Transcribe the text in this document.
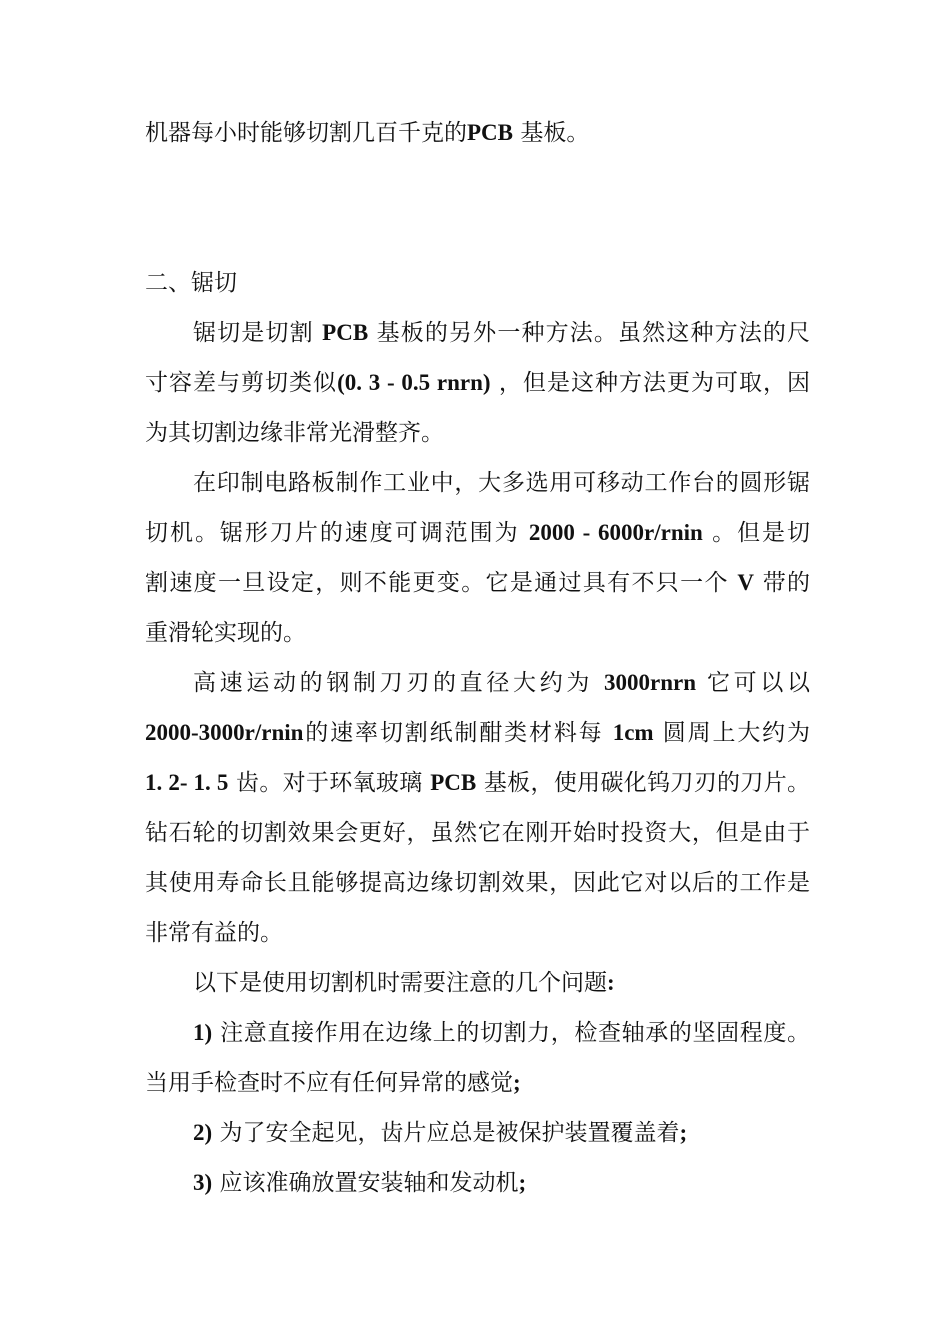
机器每小时能够切割几百千克的PCB 基板。
二、锯切
锯切是切割 PCB 基板的另外一种方法。虽然这种方法的尺
寸容差与剪切类似(0. 3 - 0.5 rnrn) ，但是这种方法更为可取，因
为其切割边缘非常光滑整齐。
在印制电路板制作工业中，大多选用可移动工作台的圆形锯
切机。锯形刀片的速度可调范围为 2000 - 6000r/rnin 。但是切
割速度一旦设定，则不能更变。它是通过具有不只一个 V 带的
重滑轮实现的。
高速运动的钢制刀刃的直径大约为 3000rnrn 它可以以
2000-3000r/rnin的速率切割纸制酣类材料每 1cm 圆周上大约为
1. 2- 1. 5 齿。对于环氧玻璃 PCB 基板，使用碳化钨刀刃的刀片。
钻石轮的切割效果会更好，虽然它在刚开始时投资大，但是由于
其使用寿命长且能够提高边缘切割效果，因此它对以后的工作是
非常有益的。
以下是使用切割机时需要注意的几个问题:
1) 注意直接作用在边缘上的切割力，检查轴承的坚固程度。
当用手检查时不应有任何异常的感觉;
2) 为了安全起见，齿片应总是被保护装置覆盖着;
3) 应该准确放置安装轴和发动机;
